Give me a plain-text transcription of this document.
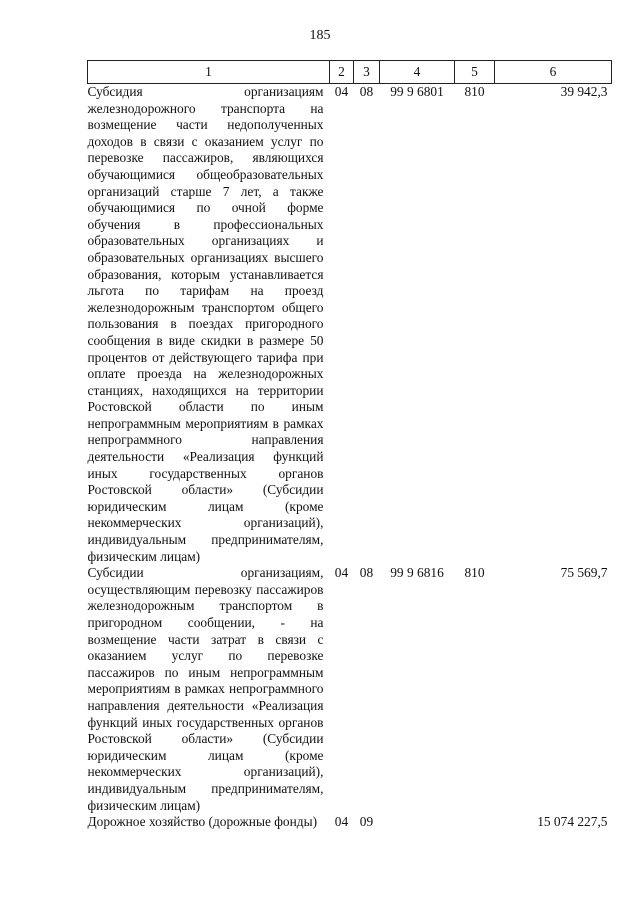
185
1	2	3	4	5	6
Субсидия организациям железнодорожного транспорта на возмещение части недополученных доходов в связи с оказанием услуг по перевозке пассажиров, являющихся обучающимися общеобразовательных организаций старше 7 лет, а также обучающимися по очной форме обучения в профессиональных образовательных организациях и образовательных организациях высшего образования, которым устанавливается льгота по тарифам на проезд железнодорожным транспортом общего пользования в поездах пригородного сообщения в виде скидки в размере 50 процентов от действующего тарифа при оплате проезда на железнодорожных станциях, находящихся на территории Ростовской области по иным непрограммным мероприятиям в рамках непрограммного направления деятельности «Реализация функций иных государственных органов Ростовской области» (Субсидии юридическим лицам (кроме некоммерческих организаций), индивидуальным предпринимателям, физическим лицам)	04	08	99 9 6801	810	39 942,3
Субсидии организациям, осуществляющим перевозку пассажиров железнодорожным транспортом в пригородном сообщении, - на возмещение части затрат в связи с оказанием услуг по перевозке пассажиров по иным непрограммным мероприятиям в рамках непрограммного направления деятельности «Реализация функций иных государственных органов Ростовской области» (Субсидии юридическим лицам (кроме некоммерческих организаций), индивидуальным предпринимателям, физическим лицам)	04	08	99 9 6816	810	75 569,7
Дорожное хозяйство (дорожные фонды)	04	09			15 074 227,5
